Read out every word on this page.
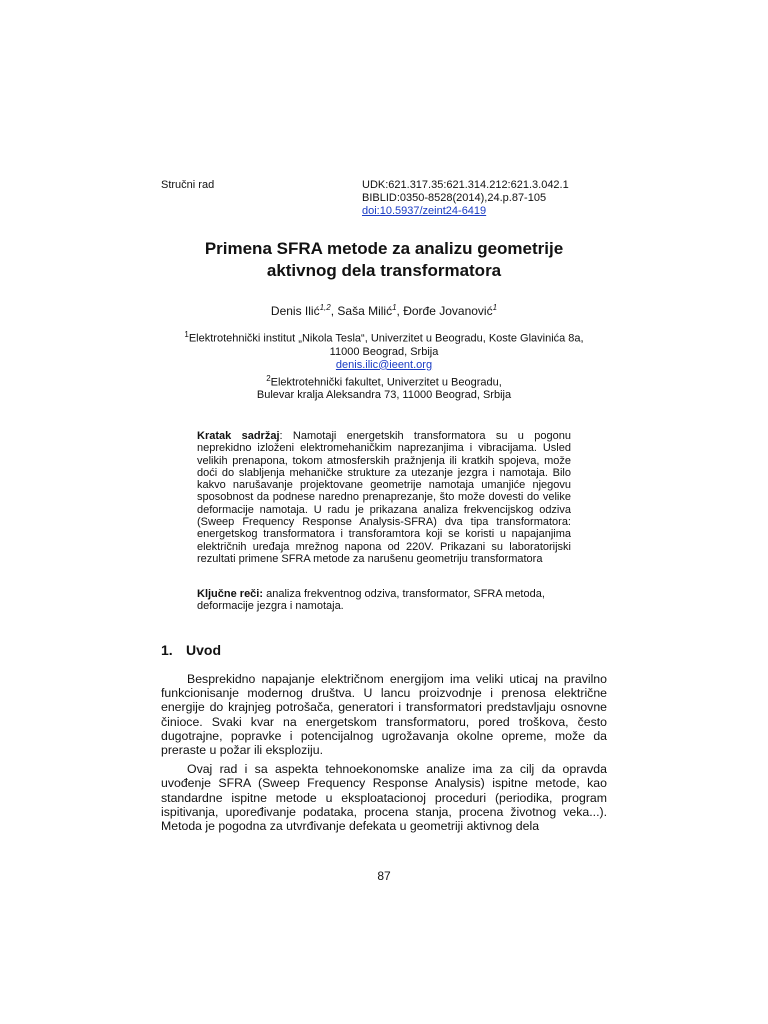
Stručni rad	UDK:621.317.35:621.314.212:621.3.042.1
BIBLID:0350-8528(2014),24.p.87-105
doi:10.5937/zeint24-6419
Primena SFRA metode za analizu geometrije
aktivnog dela transformatora
Denis Ilić$^{1,2}$, Saša Milić$^1$, Đorđe Jovanović$^1$
$^1$Elektrotehnički institut „Nikola Tesla“, Univerzitet u Beogradu, Koste Glavinića 8a,
11000 Beograd, Srbija
denis.ilic@ieent.org
$^2$Elektrotehnički fakultet, Univerzitet u Beogradu,
Bulevar kralja Aleksandra 73, 11000 Beograd, Srbija
Kratak sadržaj: Namotaji energetskih transformatora su u pogonu neprekidno izloženi elektromehaničkim naprezanjima i vibracijama. Usled velikih prenapona, tokom atmosferskih pražnjenja ili kratkih spojeva, može doći do slabljenja mehaničke strukture za utezanje jezgra i namotaja. Bilo kakvo narušavanje projektovane geometrije namotaja umanjiće njegovu sposobnost da podnese naredno prenaprezanje, što može dovesti do velike deformacije namotaja. U radu je prikazana analiza frekvencijskog odziva (Sweep Frequency Response Analysis-SFRA) dva tipa transformatora: energetskog transformatora i transforamtora koji se koristi u napajanjima električnih uređaja mrežnog napona od 220V. Prikazani su laboratorijski rezultati primene SFRA metode za narušenu geometriju transformatora
Ključne reči: analiza frekventnog odziva, transformator, SFRA metoda, deformacije jezgra i namotaja.
1. Uvod

Besprekidno napajanje električnom energijom ima veliki uticaj na pravilno funkcionisanje modernog društva. U lancu proizvodnje i prenosa električne energije do krajnjeg potrošača, generatori i transformatori predstavljaju osnovne činioce. Svaki kvar na energetskom transformatoru, pored troškova, često dugotrajne, popravke i potencijalnog ugrožavanja okolne opreme, može da preraste u požar ili eksploziju.

Ovaj rad i sa aspekta tehnoekonomske analize ima za cilj da opravda uvođenje SFRA (Sweep Frequency Response Analysis) ispitne metode, kao standardne ispitne metode u eksploatacionoj proceduri (periodika, program ispitivanja, upoređivanje podataka, procena stanja, procena životnog veka...). Metoda je pogodna za utvrđivanje defekata u geometriji aktivnog dela

87
